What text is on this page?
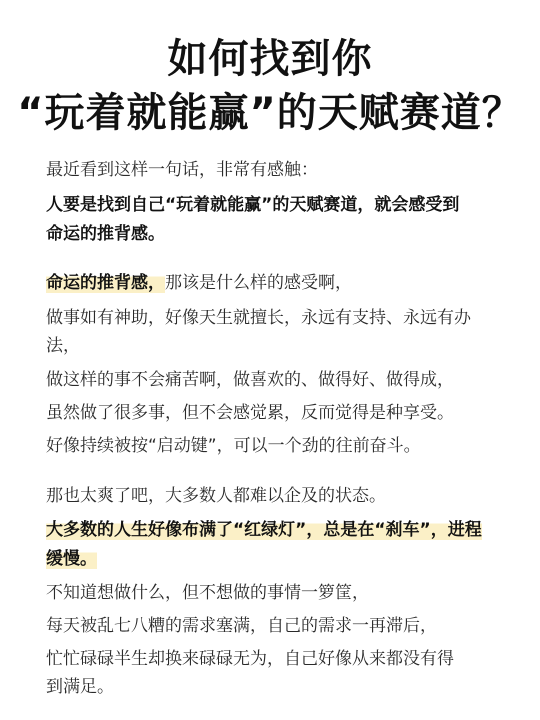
如何找到你
“玩着就能赢”的天赋赛道？
最近看到这样一句话，非常有感触：
人要是找到自己“玩着就能赢”的天赋赛道，就会感受到
命运的推背感。
命运的推背感，那该是什么样的感受啊，
做事如有神助，好像天生就擅长，永远有支持、永远有办
法，
做这样的事不会痛苦啊，做喜欢的、做得好、做得成，
虽然做了很多事，但不会感觉累，反而觉得是种享受。
好像持续被按“启动键”，可以一个劲的往前奋斗。
那也太爽了吧，大多数人都难以企及的状态。
大多数的人生好像布满了“红绿灯”，总是在“刹车”，进程
缓慢。
不知道想做什么，但不想做的事情一箩筐，
每天被乱七八糟的需求塞满，自己的需求一再滞后，
忙忙碌碌半生却换来碌碌无为，自己好像从来都没有得
到满足。
